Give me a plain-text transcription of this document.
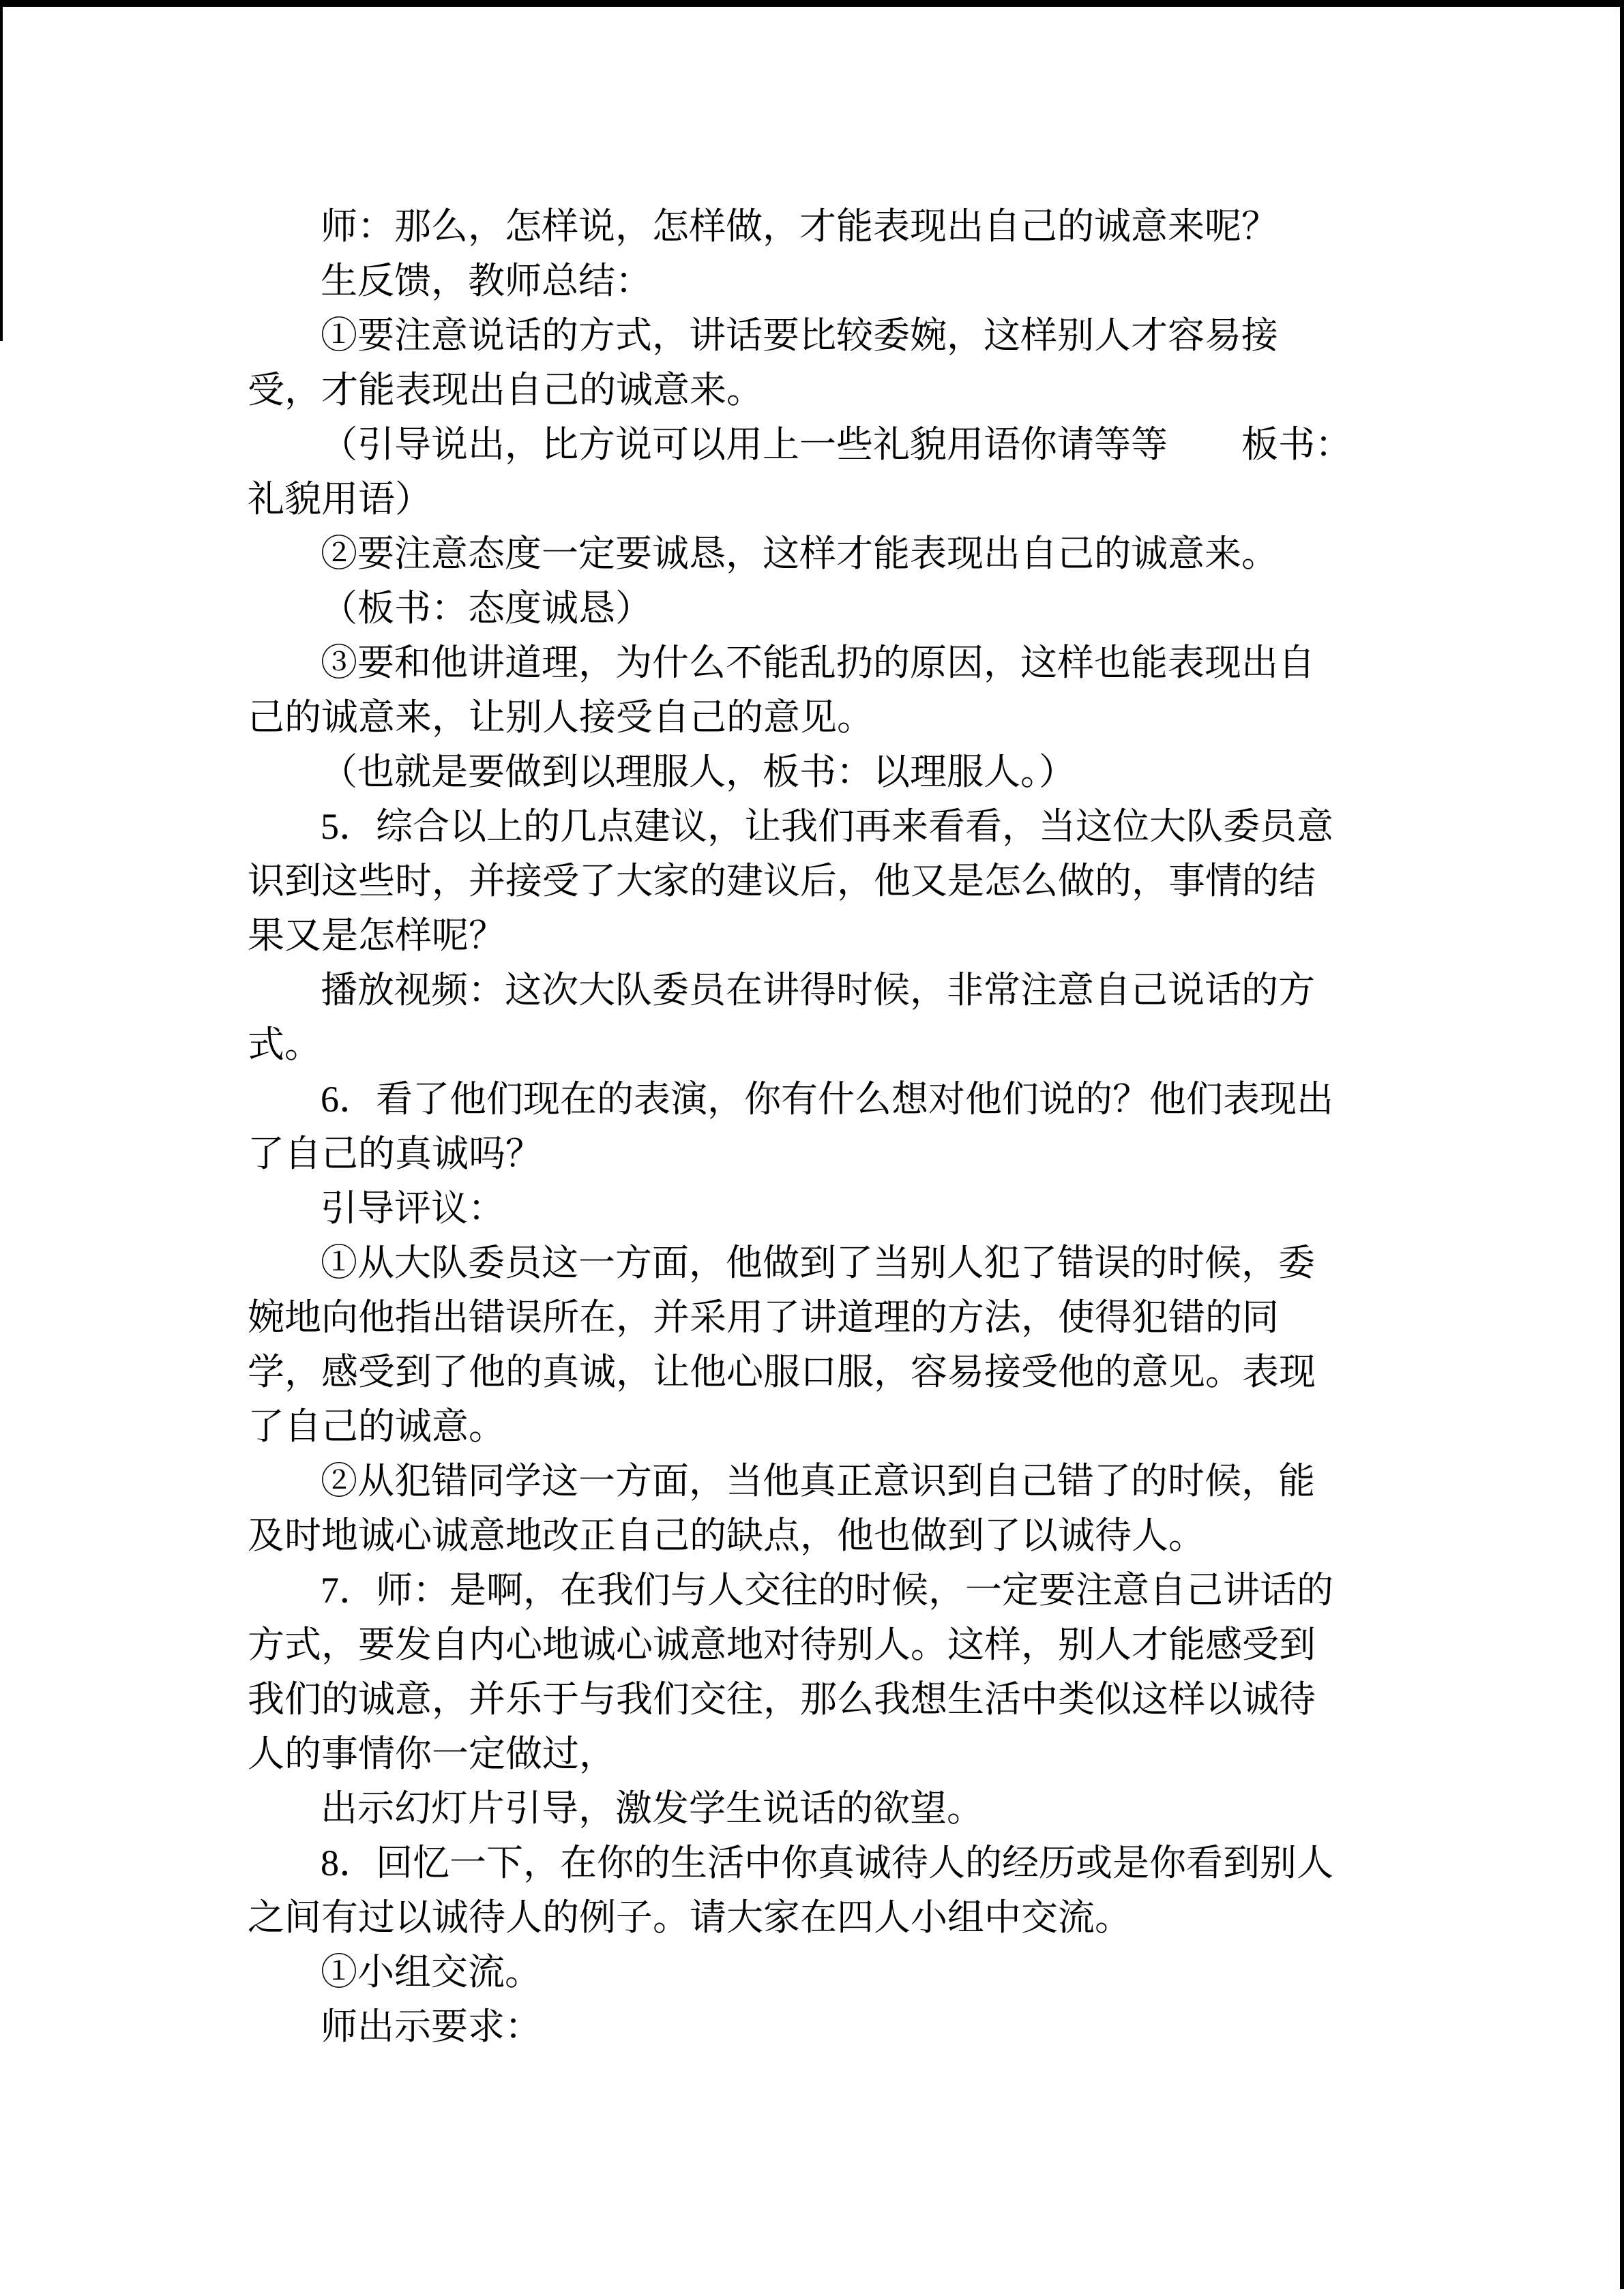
师：那么，怎样说，怎样做，才能表现出自己的诚意来呢？
生反馈，教师总结：
①要注意说话的方式，讲话要比较委婉，这样别人才容易接
受，才能表现出自己的诚意来。
（引导说出，比方说可以用上一些礼貌用语你请等等　　板书：
礼貌用语）
②要注意态度一定要诚恳，这样才能表现出自己的诚意来。
（板书：态度诚恳）
③要和他讲道理，为什么不能乱扔的原因，这样也能表现出自
己的诚意来，让别人接受自己的意见。
（也就是要做到以理服人，板书：以理服人。）
5．综合以上的几点建议，让我们再来看看，当这位大队委员意
识到这些时，并接受了大家的建议后，他又是怎么做的，事情的结
果又是怎样呢？
播放视频：这次大队委员在讲得时候，非常注意自己说话的方
式。
6．看了他们现在的表演，你有什么想对他们说的？他们表现出
了自己的真诚吗？
引导评议：
①从大队委员这一方面，他做到了当别人犯了错误的时候，委
婉地向他指出错误所在，并采用了讲道理的方法，使得犯错的同
学，感受到了他的真诚，让他心服口服，容易接受他的意见。表现
了自己的诚意。
②从犯错同学这一方面，当他真正意识到自己错了的时候，能
及时地诚心诚意地改正自己的缺点，他也做到了以诚待人。
7．师：是啊，在我们与人交往的时候，一定要注意自己讲话的
方式，要发自内心地诚心诚意地对待别人。这样，别人才能感受到
我们的诚意，并乐于与我们交往，那么我想生活中类似这样以诚待
人的事情你一定做过，
出示幻灯片引导，激发学生说话的欲望。
8．回忆一下，在你的生活中你真诚待人的经历或是你看到别人
之间有过以诚待人的例子。请大家在四人小组中交流。
①小组交流。
师出示要求：
